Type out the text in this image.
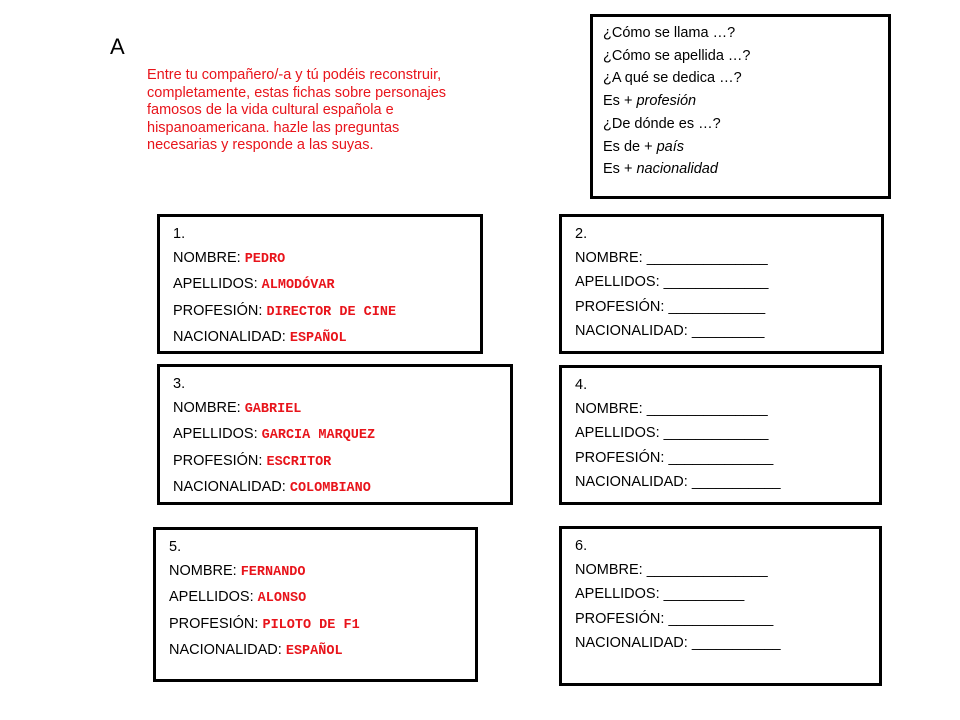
A

Entre tu compañero/-a y tú podéis reconstruir, completamente, estas fichas sobre personajes famosos de la vida cultural española e hispanoamericana. hazle las preguntas necesarias y responde a las suyas.

¿Cómo se llama …?
¿Cómo se apellida …?
¿A qué se dedica …?
Es + profesión
¿De dónde es …?
Es de + país
Es + nacionalidad
1.
NOMBRE: PEDRO
APELLIDOS: ALMODÓVAR
PROFESIÓN: DIRECTOR DE CINE
NACIONALIDAD: ESPAÑOL
2.
NOMBRE: _______________
APELLIDOS: _____________
PROFESIÓN: ____________
NACIONALIDAD: _________
3.
NOMBRE: GABRIEL
APELLIDOS: GARCIA MARQUEZ
PROFESIÓN: ESCRITOR
NACIONALIDAD: COLOMBIANO
4.
NOMBRE: _______________
APELLIDOS: _____________
PROFESIÓN: _____________
NACIONALIDAD: ___________
5.
NOMBRE: FERNANDO
APELLIDOS: ALONSO
PROFESIÓN: PILOTO DE F1
NACIONALIDAD: ESPAÑOL
6.
NOMBRE: _______________
APELLIDOS: __________
PROFESIÓN: _____________
NACIONALIDAD: ___________
